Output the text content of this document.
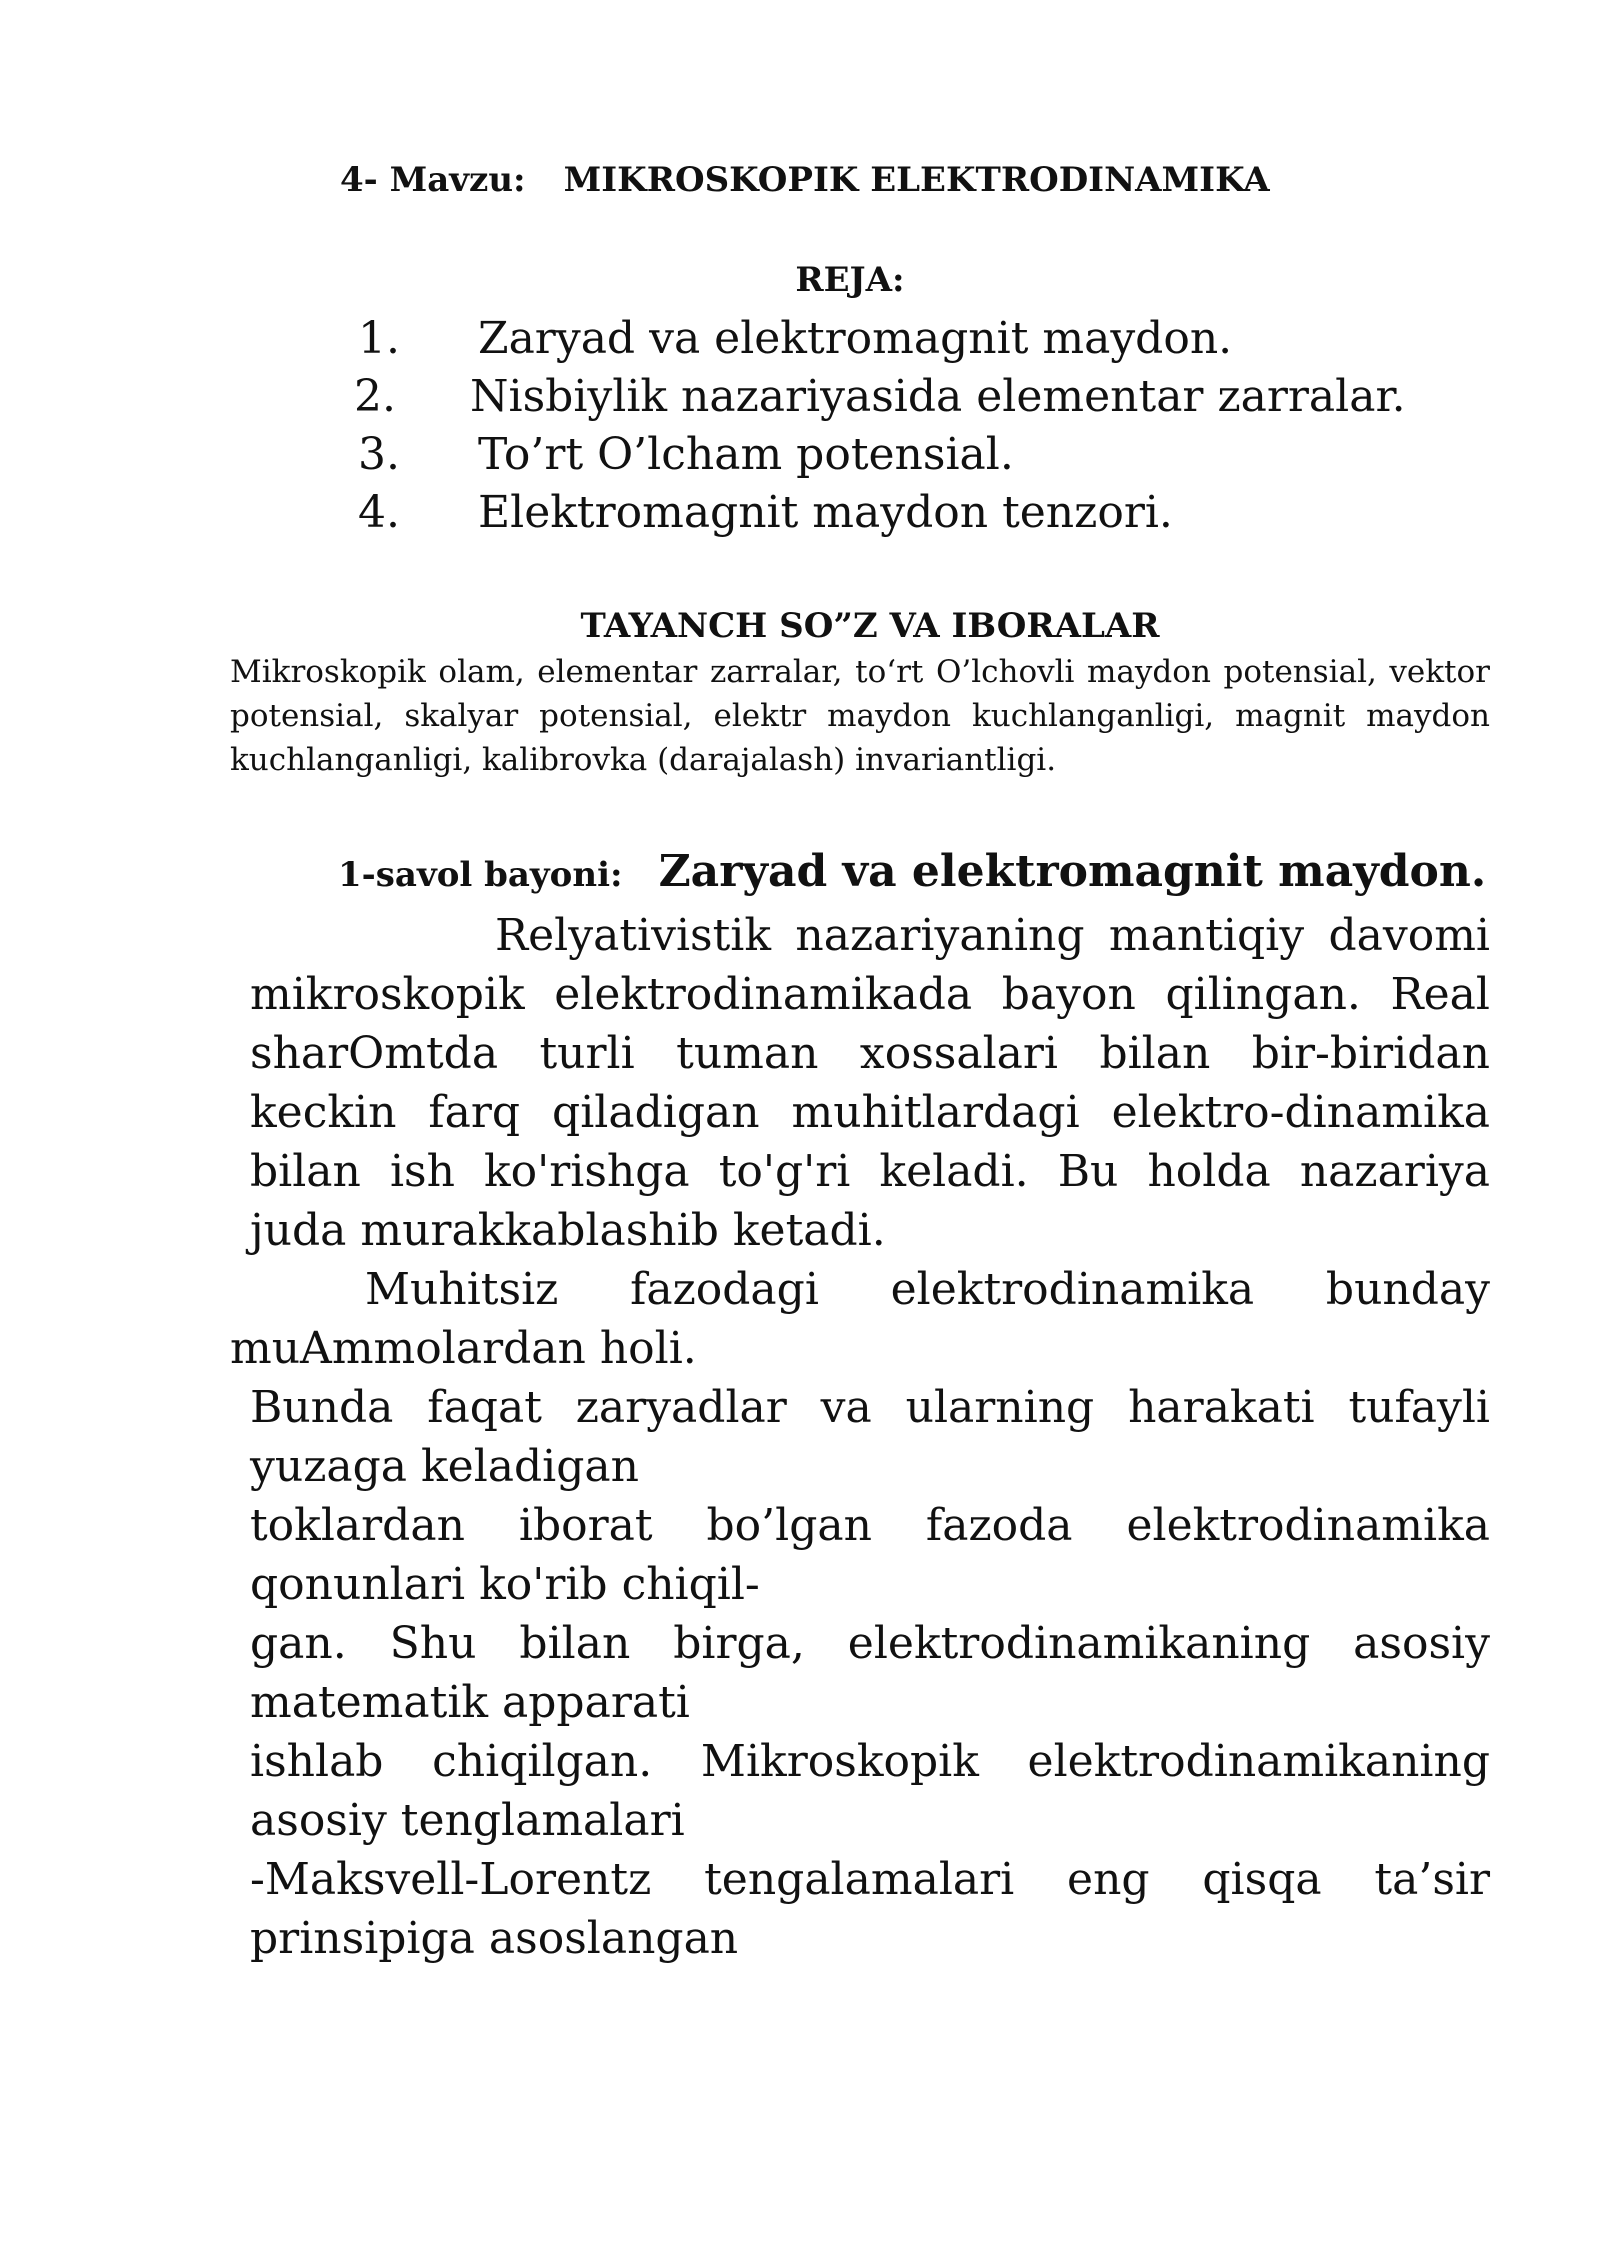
4- Mavzu: MIKROSKOPIK ELEKTRODINAMIKA
REJA:
1. Zaryad va elektromagnit maydon.
2. Nisbiylik nazariyasida elementar zarralar.
3. To’rt O’lcham potensial.
4. Elektromagnit maydon tenzori.
TAYANCH SO”Z VA IBORALAR
Mikroskopik olam, elementar zarralar, to‘rt O’lchovli maydon potensial, vektor potensial, skalyar potensial, elektr maydon kuchlanganligi, magnit maydon kuchlanganligi, kalibrovka (darajalash) invariantligi.
1-savol bayoni: Zaryad va elektromagnit maydon.
Relyativistik nazariyaning mantiqiy davomi mikroskopik elektrodinamikada bayon qilingan. Real sharOmtda turli tuman xossalari bilan bir-biridan keckin farq qiladigan muhitlardagi elektro-dinamika bilan ish ko'rishga to'g'ri keladi. Bu holda nazariya juda murakkablashib ketadi.
Muhitsiz fazodagi elektrodinamika bunday muAmmolardan holi.
Bunda faqat zaryadlar va ularning harakati tufayli yuzaga keladigan
toklardan iborat bo’lgan fazoda elektrodinamika qonunlari ko'rib chiqil-
gan. Shu bilan birga, elektrodinamikaning asosiy matematik apparati
ishlab chiqilgan. Mikroskopik elektrodinamikaning asosiy tenglamalari
-Maksvell-Lorentz tengalamalari eng qisqa ta’sir prinsipiga asoslangan
